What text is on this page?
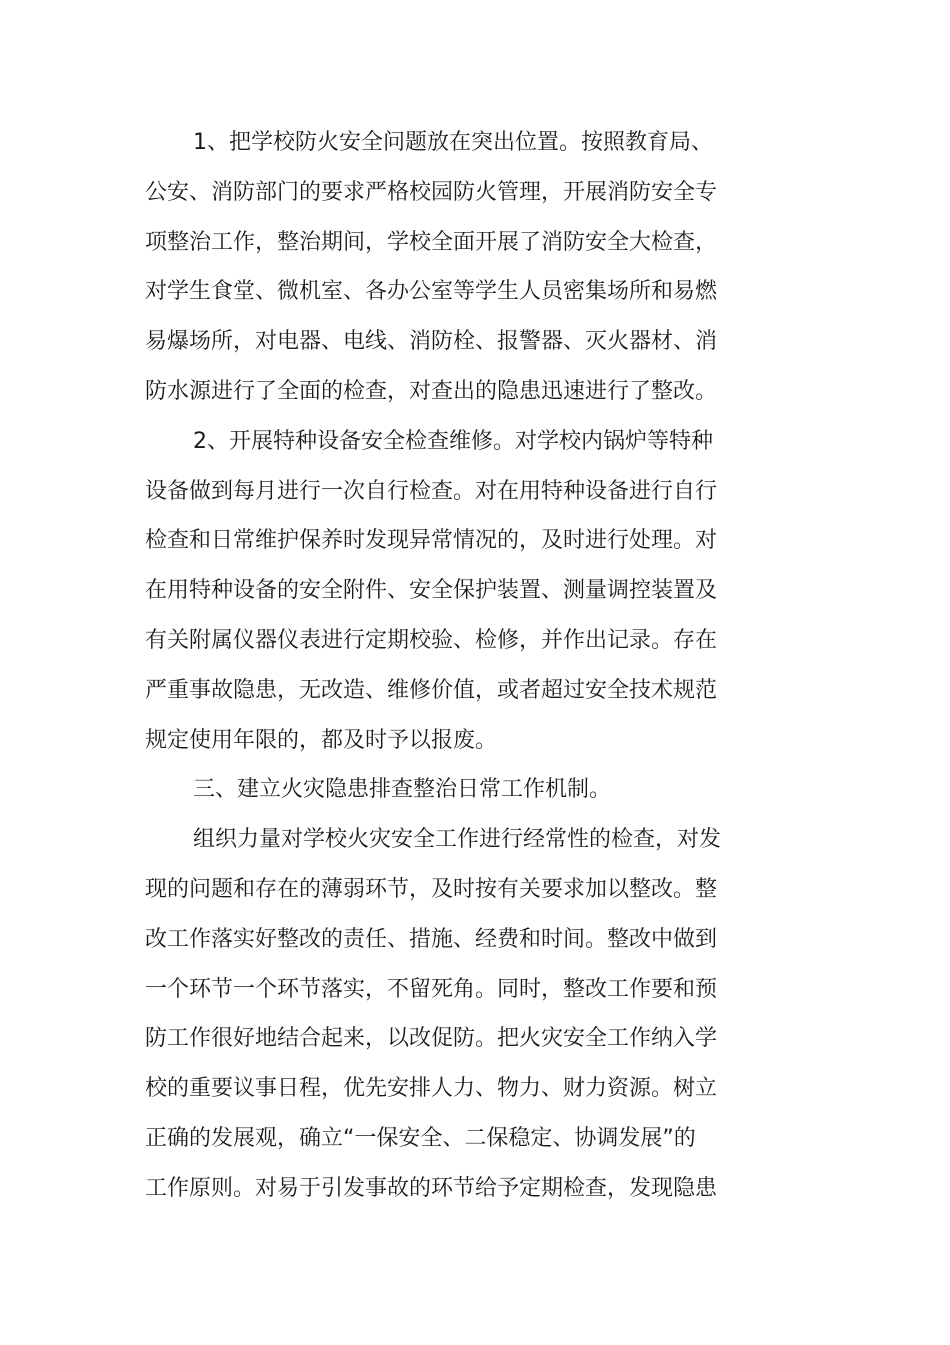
1、把学校防火安全问题放在突出位置。按照教育局、
公安、消防部门的要求严格校园防火管理，开展消防安全专
项整治工作，整治期间，学校全面开展了消防安全大检查，
对学生食堂、微机室、各办公室等学生人员密集场所和易燃
易爆场所，对电器、电线、消防栓、报警器、灭火器材、消
防水源进行了全面的检查，对查出的隐患迅速进行了整改。
2、开展特种设备安全检查维修。对学校内锅炉等特种
设备做到每月进行一次自行检查。对在用特种设备进行自行
检查和日常维护保养时发现异常情况的，及时进行处理。对
在用特种设备的安全附件、安全保护装置、测量调控装置及
有关附属仪器仪表进行定期校验、检修，并作出记录。存在
严重事故隐患，无改造、维修价值，或者超过安全技术规范
规定使用年限的，都及时予以报废。
三、建立火灾隐患排查整治日常工作机制。
组织力量对学校火灾安全工作进行经常性的检查，对发
现的问题和存在的薄弱环节，及时按有关要求加以整改。整
改工作落实好整改的责任、措施、经费和时间。整改中做到
一个环节一个环节落实，不留死角。同时，整改工作要和预
防工作很好地结合起来，以改促防。把火灾安全工作纳入学
校的重要议事日程，优先安排人力、物力、财力资源。树立
正确的发展观，确立“一保安全、二保稳定、协调发展”的
工作原则。对易于引发事故的环节给予定期检查，发现隐患
